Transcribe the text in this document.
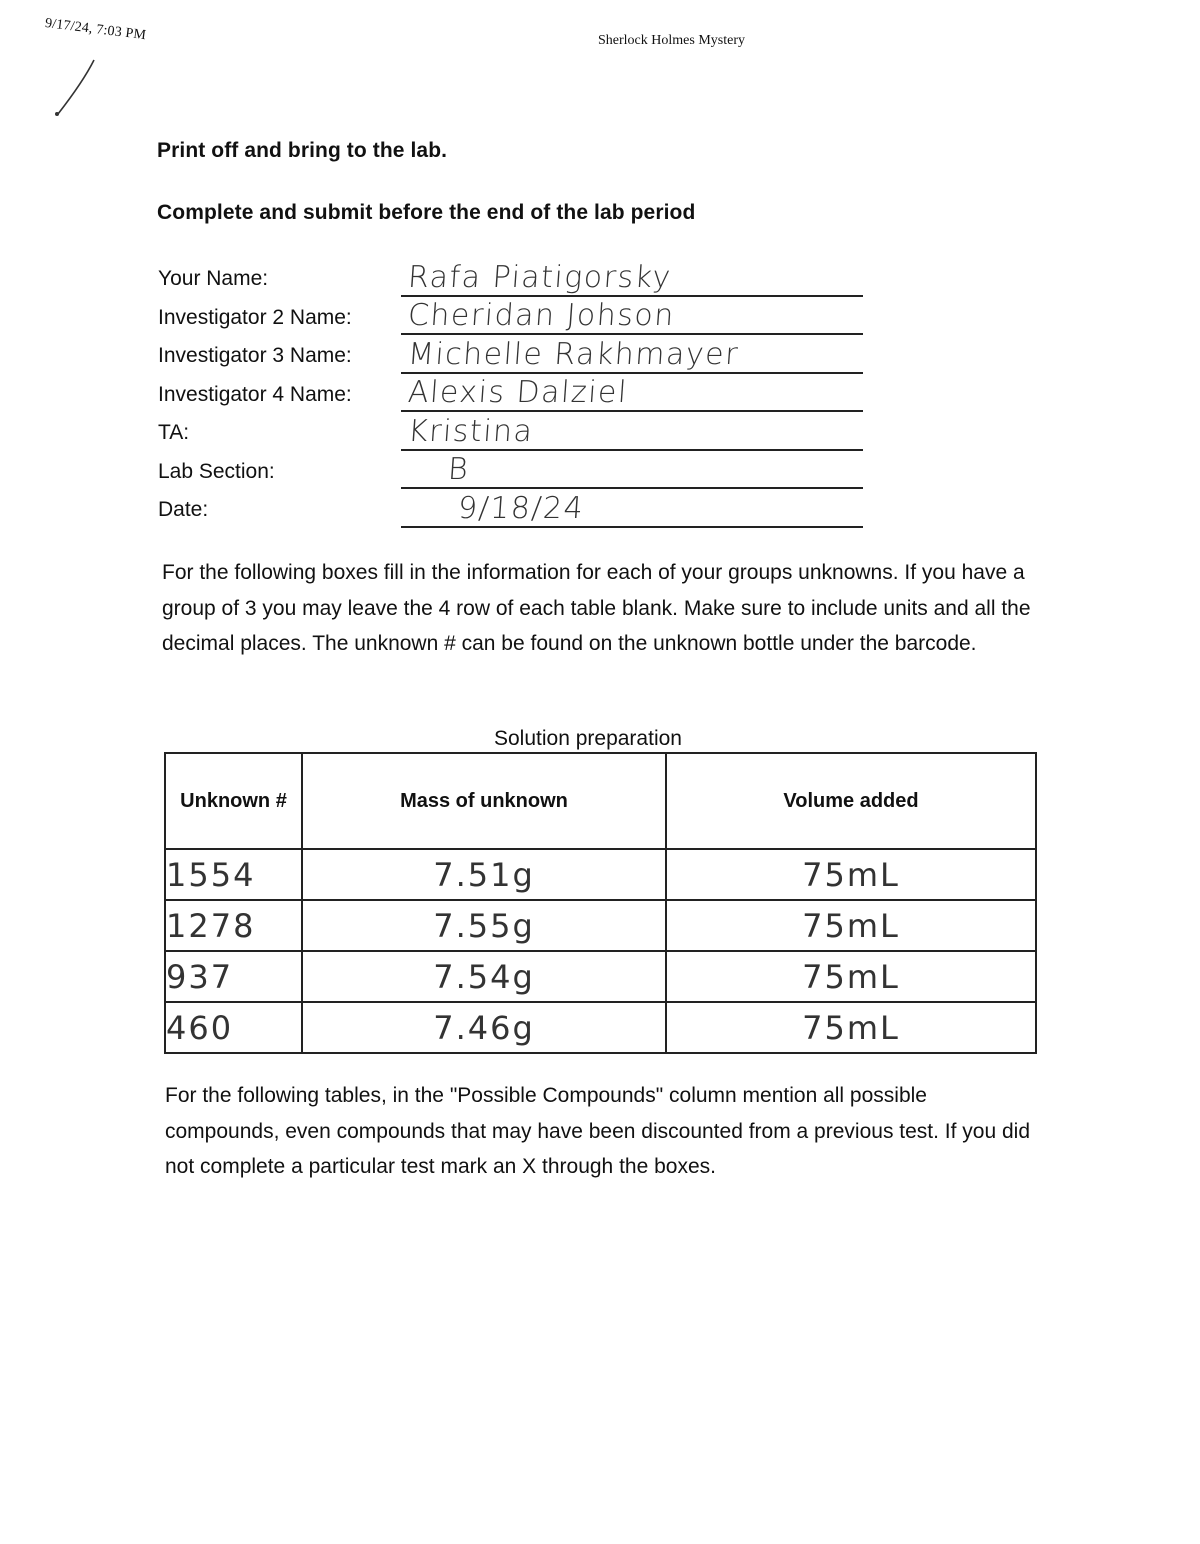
9/17/24, 7:03 PM	Sherlock Holmes Mystery
Print off and bring to the lab.
Complete and submit before the end of the lab period
Your Name:	Rafa Piatigorsky
Investigator 2 Name: Cheridan Johson
Investigator 3 Name: Michelle Rakhmayer
Investigator 4 Name: Alexis Dalziel
TA:	Kristina
Lab Section:	B
Date:	9/18/24
For the following boxes fill in the information for each of your groups unknowns. If you have a group of 3 you may leave the 4 row of each table blank. Make sure to include units and all the decimal places. The unknown # can be found on the unknown bottle under the barcode.
Solution preparation
Unknown #	Mass of unknown	Volume added
1554	7.51g	75mL
1278	7.55g	75mL
937	7.54g	75mL
460	7.46g	75mL
For the following tables, in the "Possible Compounds" column mention all possible compounds, even compounds that may have been discounted from a previous test. If you did not complete a particular test mark an X through the boxes.
